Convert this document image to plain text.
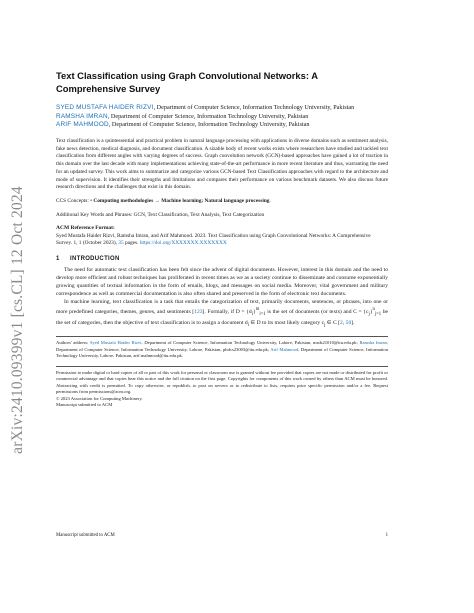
arXiv:2410.09399v1 [cs.CL] 12 Oct 2024
Text Classification using Graph Convolutional Networks: A Comprehensive Survey

SYED MUSTAFA HAIDER RIZVI, Department of Computer Science, Information Technology University, Pakistan

RAMSHA IMRAN, Department of Computer Science, Information Technology University, Pakistan

ARIF MAHMOOD, Department of Computer Science, Information Technology University, Pakistan

Text classification is a quintessential and practical problem in natural language processing with applications in diverse domains such as sentiment analysis, fake news detection, medical diagnosis, and document classification. A sizable body of recent works exists where researchers have studied and tackled text classification from different angles with varying degrees of success. Graph convolution network (GCN)-based approaches have gained a lot of traction in this domain over the last decade with many implementations achieving state-of-the-art performance in more recent literature and thus, warranting the need for an updated survey. This work aims to summarize and categorize various GCN-based Text Classification approaches with regard to the architecture and mode of supervision. It identifies their strengths and limitations and compares their performance on various benchmark datasets. We also discuss future research directions and the challenges that exist in this domain.

CCS Concepts: • Computing methodologies → Machine learning; Natural language processing.

Additional Key Words and Phrases: GCN, Text Classification, Text Analysis, Text Categorization

ACM Reference Format:

Syed Mustafa Haider Rizvi, Ramsha Imran, and Arif Mahmood. 2023. Text Classification using Graph Convolutional Networks: A Comprehensive Survey. 1, 1 (October 2023), 35 pages. https://doi.org/XXXXXXX.XXXXXXX

1 INTRODUCTION

The need for automatic text classification has been felt since the advent of digital documents. However, interest in this domain and the need to develop more efficient and robust techniques has proliferated in recent times as we as a society continue to disseminate and consume exponentially growing quantities of textual information in the form of emails, blogs, and messages on social media. Moreover, vital government and military correspondence as well as commercial documentation is also often shared and preserved in the form of electronic text documents.

In machine learning, text classification is a task that entails the categorization of text, primarily documents, sentences, or phrases, into one or more predefined categories, themes, genres, and sentiments [123]. Formally, if $D = \{d_i\}^m_{i=1}$ is the set of documents (or texts) and $C = \{c_j\}^n_{j=1}$ be the set of categories, then the objective of text classification is to assign a document $d_i$ ∈ D to its most likely category $c_j$ ∈ C [2, 50].

Authors' address: Syed Mustafa Haider Rizvi, Department of Computer Science, Information Technology University, Lahore, Pakistan, msds21010@itu.edu.pk; Ramsha Imran, Department of Computer Science, Information Technology University, Lahore, Pakistan, phdcs23003@itu.edu.pk; Arif Mahmood, Department of Computer Science, Information Technology University, Lahore, Pakistan, arif.mahmood@itu.edu.pk.

Permission to make digital or hard copies of all or part of this work for personal or classroom use is granted without fee provided that copies are not made or distributed for profit or commercial advantage and that copies bear this notice and the full citation on the first page. Copyrights for components of this work owned by others than ACM must be honored. Abstracting with credit is permitted. To copy otherwise, or republish, to post on servers or to redistribute to lists, requires prior specific permission and/or a fee. Request permissions from permissions@acm.org.

© 2023 Association for Computing Machinery.

Manuscript submitted to ACM

Manuscript submitted to ACM	1
